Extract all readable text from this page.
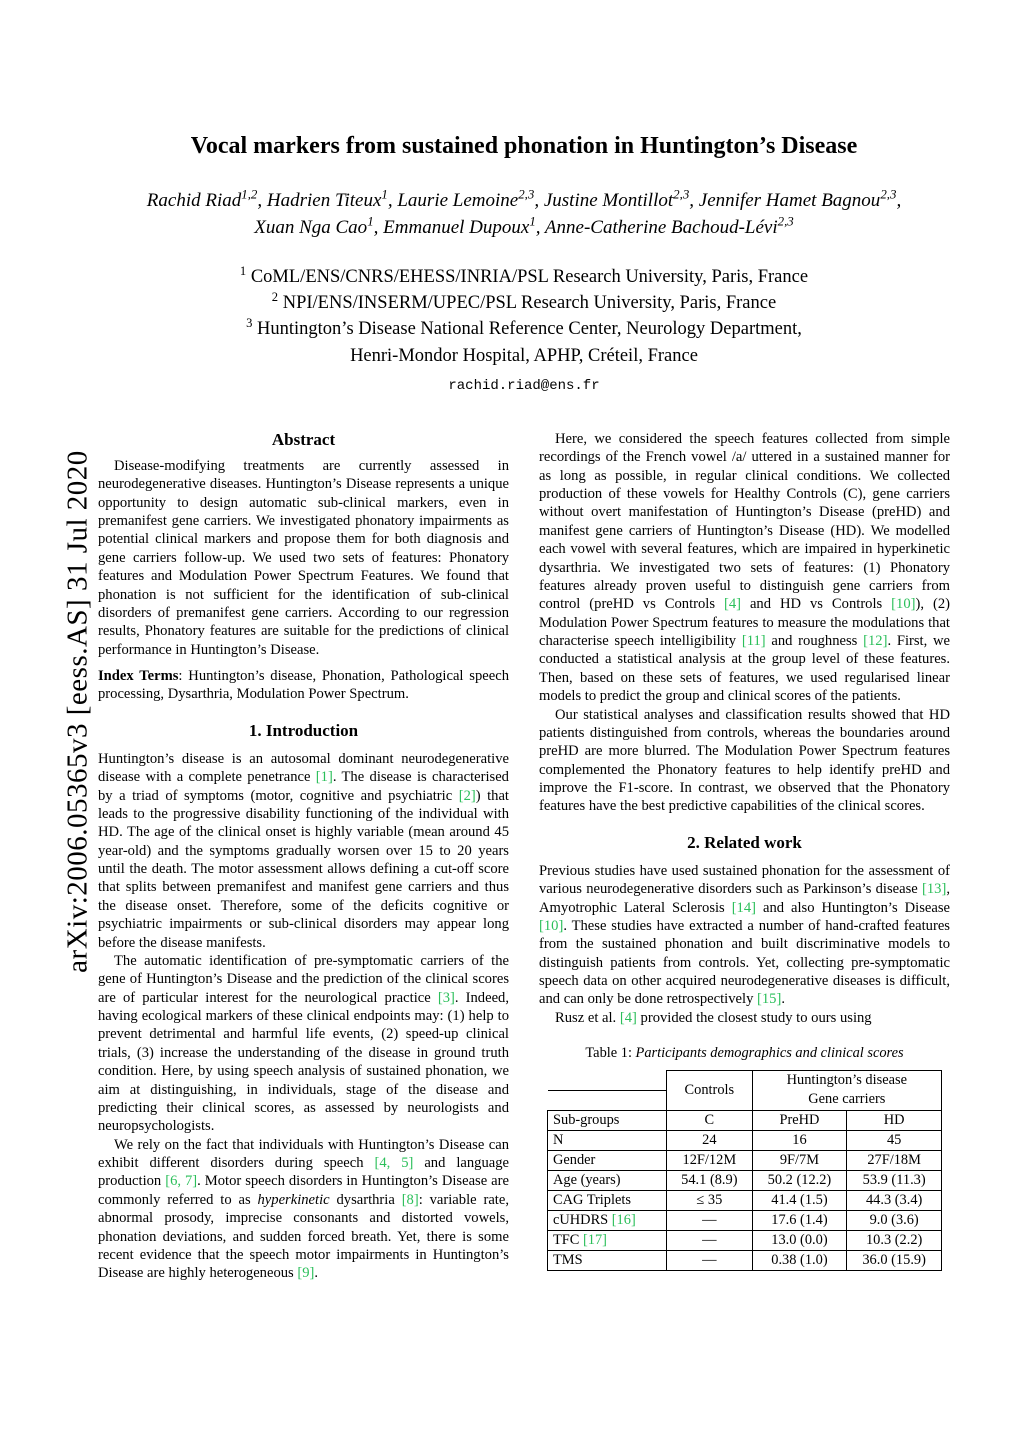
arXiv:2006.05365v3 [eess.AS] 31 Jul 2020
Vocal markers from sustained phonation in Huntington’s Disease
Rachid Riad$^{1,2}$, Hadrien Titeux$^1$, Laurie Lemoine$^{2,3}$, Justine Montillot$^{2,3}$, Jennifer Hamet Bagnou$^{2,3}$,
Xuan Nga Cao$^1$, Emmanuel Dupoux$^1$, Anne-Catherine Bachoud-Lévi$^{2,3}$
$^1$ CoML/ENS/CNRS/EHESS/INRIA/PSL Research University, Paris, France
$^2$ NPI/ENS/INSERM/UPEC/PSL Research University, Paris, France
$^3$ Huntington’s Disease National Reference Center, Neurology Department,
Henri-Mondor Hospital, APHP, Créteil, France
rachid.riad@ens.fr
Abstract

Disease-modifying treatments are currently assessed in neurodegenerative diseases. Huntington’s Disease represents a unique opportunity to design automatic sub-clinical markers, even in premanifest gene carriers. We investigated phonatory impairments as potential clinical markers and propose them for both diagnosis and gene carriers follow-up. We used two sets of features: Phonatory features and Modulation Power Spectrum Features. We found that phonation is not sufficient for the identification of sub-clinical disorders of premanifest gene carriers. According to our regression results, Phonatory features are suitable for the predictions of clinical performance in Huntington’s Disease.

Index Terms: Huntington’s disease, Phonation, Pathological speech processing, Dysarthria, Modulation Power Spectrum.

1. Introduction

Huntington’s disease is an autosomal dominant neurodegenerative disease with a complete penetrance [1]. The disease is characterised by a triad of symptoms (motor, cognitive and psychiatric [2]) that leads to the progressive disability functioning of the individual with HD. The age of the clinical onset is highly variable (mean around 45 year-old) and the symptoms gradually worsen over 15 to 20 years until the death. The motor assessment allows defining a cut-off score that splits between premanifest and manifest gene carriers and thus the disease onset. Therefore, some of the deficits cognitive or psychiatric impairments or sub-clinical disorders may appear long before the disease manifests.

The automatic identification of pre-symptomatic carriers of the gene of Huntington’s Disease and the prediction of the clinical scores are of particular interest for the neurological practice [3]. Indeed, having ecological markers of these clinical endpoints may: (1) help to prevent detrimental and harmful life events, (2) speed-up clinical trials, (3) increase the understanding of the disease in ground truth condition. Here, by using speech analysis of sustained phonation, we aim at distinguishing, in individuals, stage of the disease and predicting their clinical scores, as assessed by neurologists and neuropsychologists.

We rely on the fact that individuals with Huntington’s Disease can exhibit different disorders during speech [4, 5] and language production [6, 7]. Motor speech disorders in Huntington’s Disease are commonly referred to as hyperkinetic dysarthria [8]: variable rate, abnormal prosody, imprecise consonants and distorted vowels, phonation deviations, and sudden forced breath. Yet, there is some recent evidence that the speech motor impairments in Huntington’s Disease are highly heterogeneous [9].

Here, we considered the speech features collected from simple recordings of the French vowel /a/ uttered in a sustained manner for as long as possible, in regular clinical conditions. We collected production of these vowels for Healthy Controls (C), gene carriers without overt manifestation of Huntington’s Disease (preHD) and manifest gene carriers of Huntington’s Disease (HD). We modelled each vowel with several features, which are impaired in hyperkinetic dysarthria. We investigated two sets of features: (1) Phonatory features already proven useful to distinguish gene carriers from control (preHD vs Controls [4] and HD vs Controls [10]), (2) Modulation Power Spectrum features to measure the modulations that characterise speech intelligibility [11] and roughness [12]. First, we conducted a statistical analysis at the group level of these features. Then, based on these sets of features, we used regularised linear models to predict the group and clinical scores of the patients.

Our statistical analyses and classification results showed that HD patients distinguished from controls, whereas the boundaries around preHD are more blurred. The Modulation Power Spectrum features complemented the Phonatory features to help identify preHD and improve the F1-score. In contrast, we observed that the Phonatory features have the best predictive capabilities of the clinical scores.

2. Related work

Previous studies have used sustained phonation for the assessment of various neurodegenerative disorders such as Parkinson’s disease [13], Amyotrophic Lateral Sclerosis [14] and also Huntington’s Disease [10]. These studies have extracted a number of hand-crafted features from the sustained phonation and built discriminative models to distinguish patients from controls. Yet, collecting pre-symptomatic speech data on other acquired neurodegenerative diseases is difficult, and can only be done retrospectively [15].

Rusz et al. [4] provided the closest study to ours using

Table 1: Participants demographics and clinical scores
	Controls	Huntington’s disease	
		Gene carriers	
Sub-groups	C	PreHD	HD
N	24	16	45
Gender	12F/12M	9F/7M	27F/18M
Age (years)	54.1 (8.9)	50.2 (12.2)	53.9 (11.3)
CAG Triplets	≤ 35	41.4 (1.5)	44.3 (3.4)
cUHDRS [16]	—	17.6 (1.4)	9.0 (3.6)
TFC [17]	—	13.0 (0.0)	10.3 (2.2)
TMS	—	0.38 (1.0)	36.0 (15.9)
